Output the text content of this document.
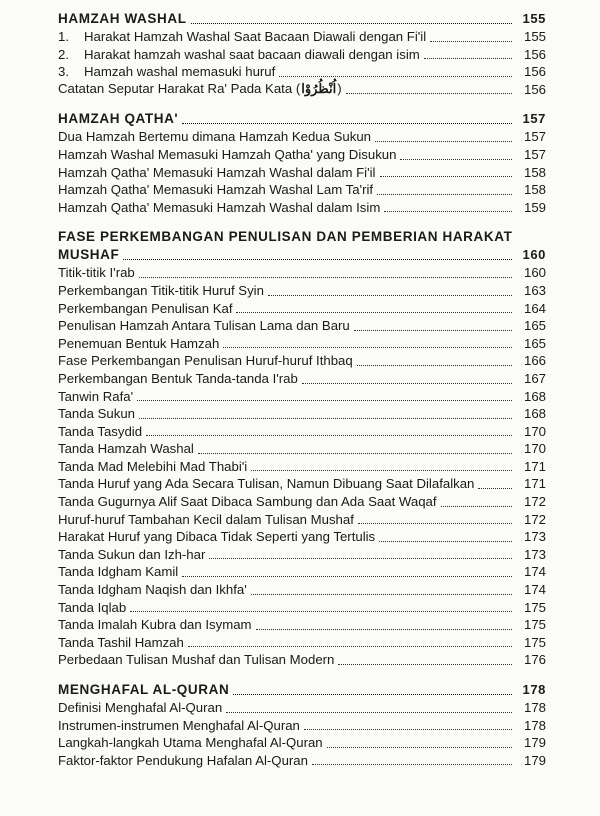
HAMZAH WASHAL	155
1.	Harakat Hamzah Washal Saat Bacaan Diawali dengan Fi'il	155
2.	Harakat hamzah washal saat bacaan diawali dengan isim	156
3.	Hamzah washal memasuki huruf	156
Catatan Seputar Harakat Ra' Pada Kata (اُنْظُرُوْا)	156
HAMZAH QATHA'	157
Dua Hamzah Bertemu dimana Hamzah Kedua Sukun	157
Hamzah Washal Memasuki Hamzah Qatha' yang Disukun	157
Hamzah Qatha' Memasuki Hamzah Washal dalam Fi'il	158
Hamzah Qatha' Memasuki Hamzah Washal Lam Ta'rif	158
Hamzah Qatha' Memasuki Hamzah Washal dalam Isim	159
FASE PERKEMBANGAN PENULISAN DAN PEMBERIAN HARAKAT
MUSHAF	160
Titik-titik I'rab	160
Perkembangan Titik-titik Huruf Syin	163
Perkembangan Penulisan Kaf	164
Penulisan Hamzah Antara Tulisan Lama dan Baru	165
Penemuan Bentuk Hamzah	165
Fase Perkembangan Penulisan Huruf-huruf Ithbaq	166
Perkembangan Bentuk Tanda-tanda I'rab	167
Tanwin Rafa'	168
Tanda Sukun	168
Tanda Tasydid	170
Tanda Hamzah Washal	170
Tanda Mad Melebihi Mad Thabi'i	171
Tanda Huruf yang Ada Secara Tulisan, Namun Dibuang Saat Dilafalkan	171
Tanda Gugurnya Alif Saat Dibaca Sambung dan Ada Saat Waqaf	172
Huruf-huruf Tambahan Kecil dalam Tulisan Mushaf	172
Harakat Huruf yang Dibaca Tidak Seperti yang Tertulis	173
Tanda Sukun dan Izh-har	173
Tanda Idgham Kamil	174
Tanda Idgham Naqish dan Ikhfa'	174
Tanda Iqlab	175
Tanda Imalah Kubra dan Isymam	175
Tanda Tashil Hamzah	175
Perbedaan Tulisan Mushaf dan Tulisan Modern	176
MENGHAFAL AL-QURAN	178
Definisi Menghafal Al-Quran	178
Instrumen-instrumen Menghafal Al-Quran	178
Langkah-langkah Utama Menghafal Al-Quran	179
Faktor-faktor Pendukung Hafalan Al-Quran	179
